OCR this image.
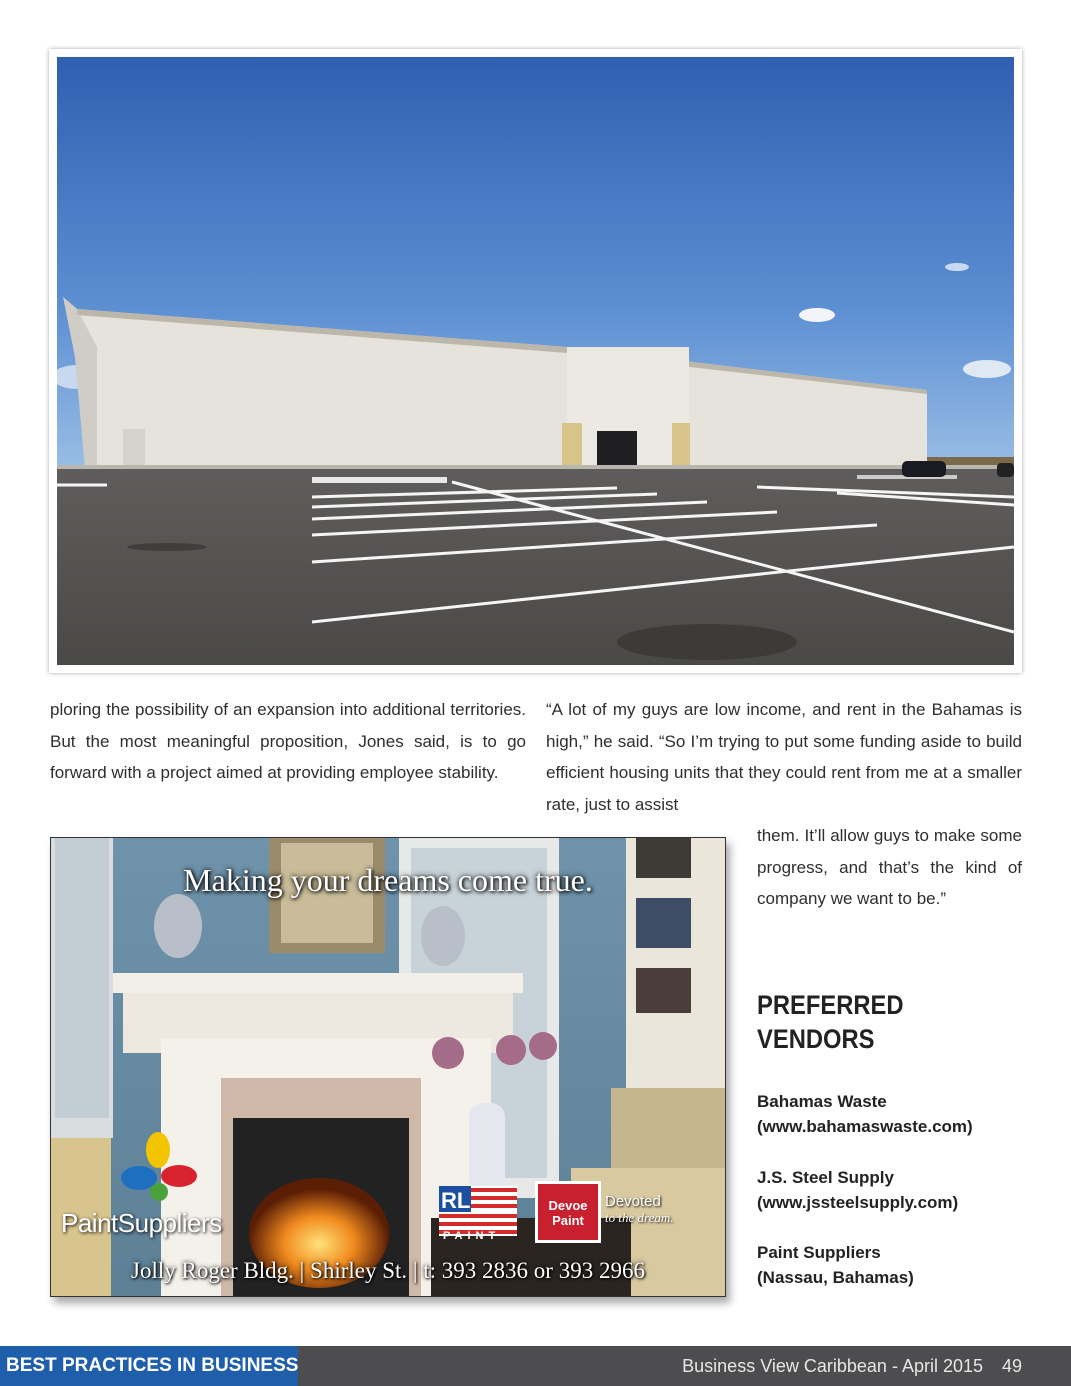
ploring the possibility of an expansion into additional territories. But the most meaningful proposition, Jones said, is to go forward with a project aimed at providing employee stability.

“A lot of my guys are low income, and rent in the Bahamas is high,” he said. “So I’m trying to put some funding aside to build efficient housing units that they could rent from me at a smaller rate, just to assist

them. It’ll allow guys to make some progress, and that’s the kind of company we want to be.”

Making your dreams come true.
PaintSuppliers
RL
PAINT
Devoe
Paint
Devoted
to the dream.
Jolly Roger Bldg. | Shirley St. | t: 393 2836 or 393 2966
PREFERRED
VENDORS
Bahamas Waste
(www.bahamaswaste.com)
J.S. Steel Supply
(www.jssteelsupply.com)
Paint Suppliers
(Nassau, Bahamas)
BEST PRACTICES IN BUSINESS	Business View Caribbean - April 2015 49
